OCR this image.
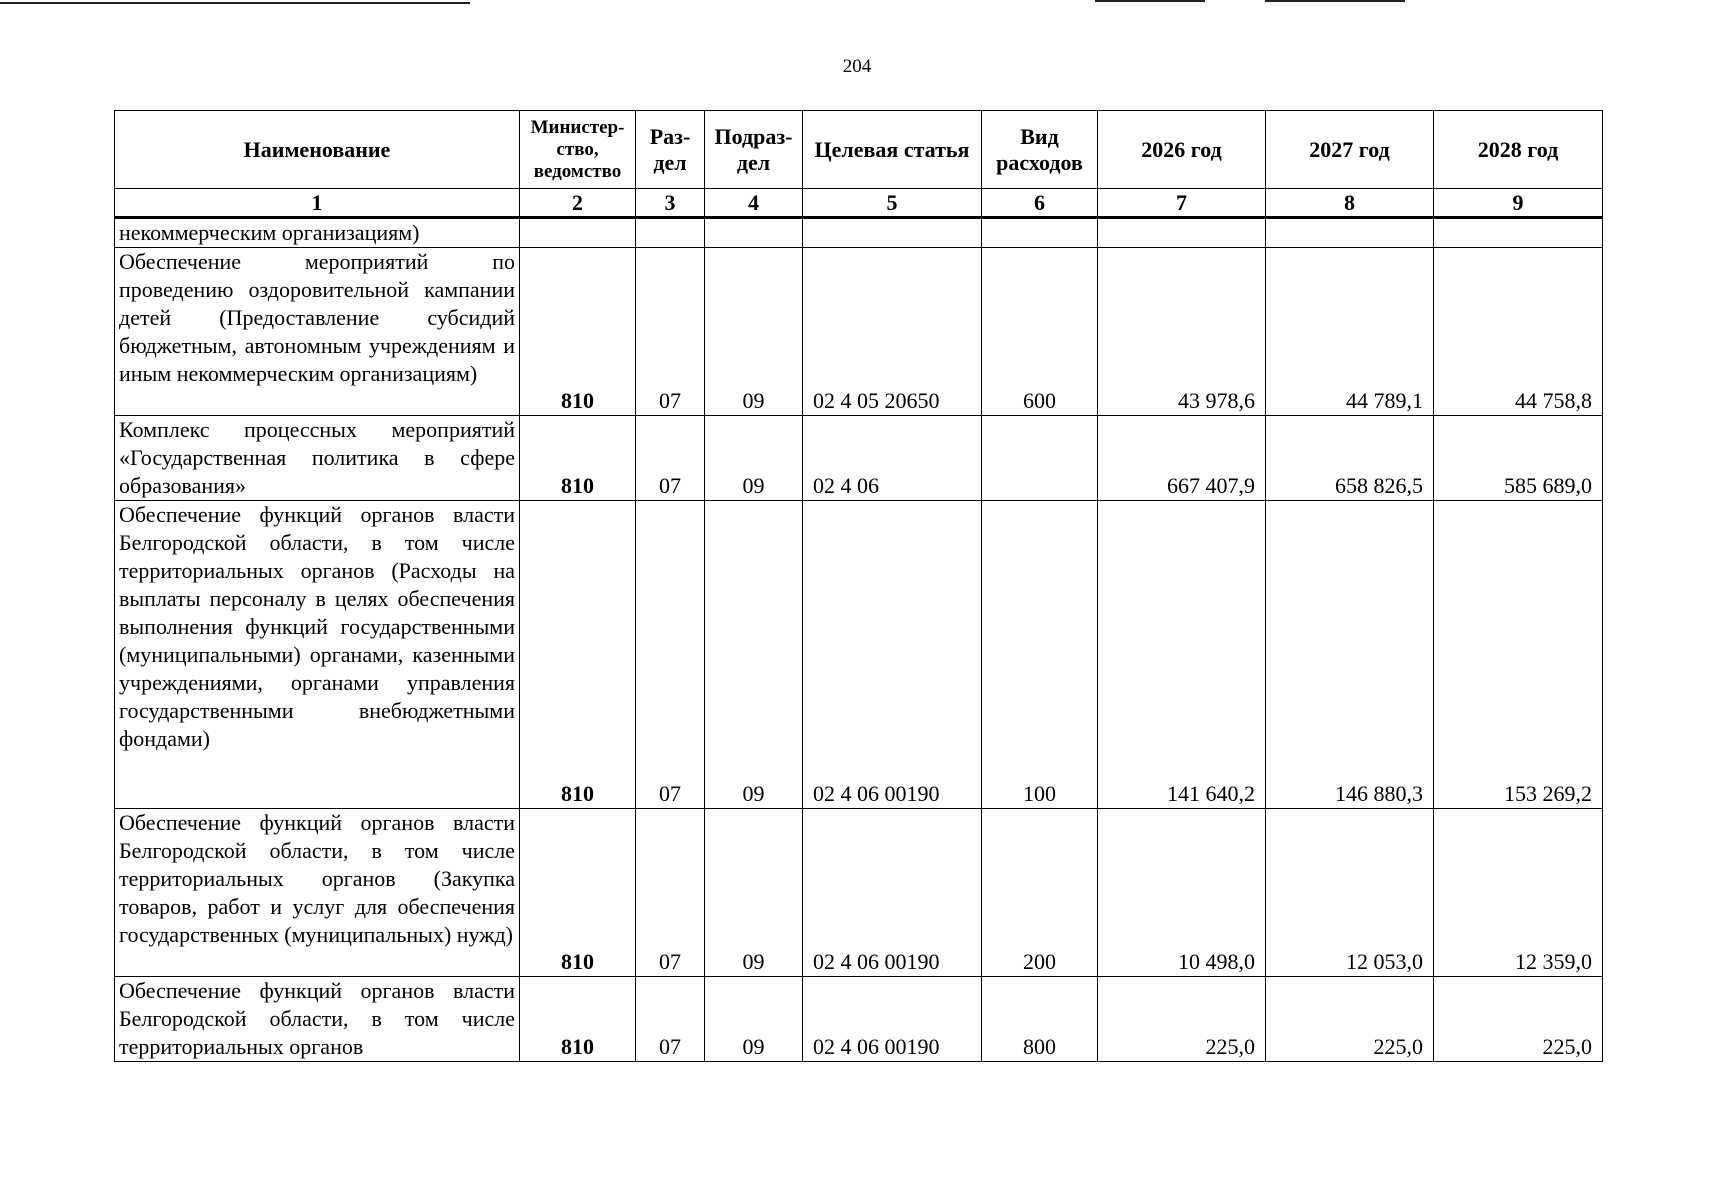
204
Наименование	Министер-ство, ведомство	Раз-дел	Подраз-дел	Целевая статья	Вид расходов	2026 год	2027 год	2028 год
1	2	3	4	5	6	7	8	9
некоммерческим организациям)								
Обеспечение мероприятий по проведению оздоровительной кампании детей (Предоставление субсидий бюджетным, автономным учреждениям и иным некоммерческим организациям)	810	07	09	02 4 05 20650	600	43 978,6	44 789,1	44 758,8
Комплекс процессных мероприятий «Государственная политика в сфере образования»	810	07	09	02 4 06		667 407,9	658 826,5	585 689,0
Обеспечение функций органов власти Белгородской области, в том числе территориальных органов (Расходы на выплаты персоналу в целях обеспечения выполнения функций государственными (муниципальными) органами, казенными учреждениями, органами управления государственными внебюджетными фондами)	810	07	09	02 4 06 00190	100	141 640,2	146 880,3	153 269,2
Обеспечение функций органов власти Белгородской области, в том числе территориальных органов (Закупка товаров, работ и услуг для обеспечения государственных (муниципальных) нужд)	810	07	09	02 4 06 00190	200	10 498,0	12 053,0	12 359,0
Обеспечение функций органов власти Белгородской области, в том числе территориальных органов	810	07	09	02 4 06 00190	800	225,0	225,0	225,0
